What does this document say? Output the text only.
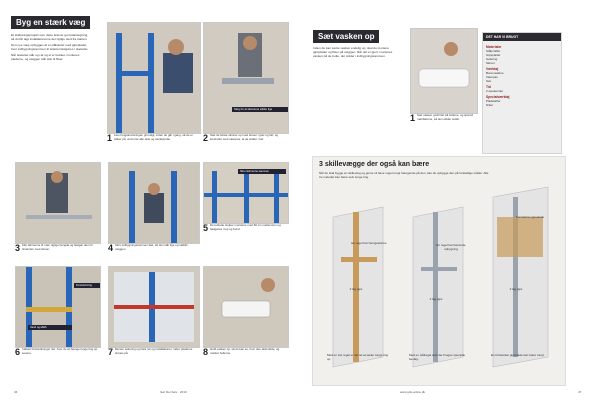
Byg en stærk væg

Et skillevægsprojekt som dette kræver god planlægning, så du får lagt installationerne det rigtige sted fra starten.

Den nye væg opbygges af et stålskelet med gipsplader, hvor indbygningsrammen til toilettet fastgøres i skelettet.

Når skelettet står og rør og el er trukket, monteres pladerne, og væggen står klar til fliser.

1 Læs brugsanvisningen grundigt, inden du går i gang, så du er sikker på, at du har alle dele og værktøj klar.
Sørg for at skinnerne sidder lige
2 Sæt de første skinner op med skruer i gulv og loft, og kontroller med vaterpas, at de sidder i lod.
3 Klip skinnerne til i den rigtige længde og fastgør dem til hinanden med skruer.	4 Skru indbygningsrammen fast, så den står lige og stabilt i væggen.
Skru skinnerne sammen
5 De lodrette stolper monteres med 60 cm mellemrum og fastgøres i top og bund.
Forstærkning
Vand og afløb
6 Indsæt forstærkninger der, hvor du vil hænge tunge ting op senere.	7 Monter isolering og træk rør og installationer, inden pladerne skrues på.	8 Hold vasken op, så du kan se, hvor den skal sidde, og marker hullerne.
46	Gør Det Selv · 2010
Sæt vasken op
Inden du kan sætte vasken endelig op, skal du montere gipsplader og fliser på væggen. Når det er gjort, monteres vasken på de bolte, der sidder i indbygningsrammen.
1 Sæt vasken godt fast på boltene, og spænd møtrikkerne, så den sidder solidt.
DET HAR VI BRUGT
Materialer
Stålprofiler
Gipsplader
Isolering
Skruer
Værktøj
Boremaskine
Vaterpas
Sav
Tid
2 weekender
Specialværktøj
Pladeløfter
Nitter
3 skillevægge der også kan bære
Når du skal bygge en skillevæg og gerne vil have noget tungt hængende på den, kan du opbygge den på forskellige måder. Alle tre metoder kan bære selv tunge ting.
En regel har hængeskinne
2 lag gips
Med en træ regel er det let at sætte tunge ting op.
En regel har bærende opbygning
2 lag gips
Med en stålregel skal der bruges specielle beslag.
Forstærket gipsplade
2 lag gips
En forstærket gipsplade kan bære tungt.
www.gds-online.dk	47
